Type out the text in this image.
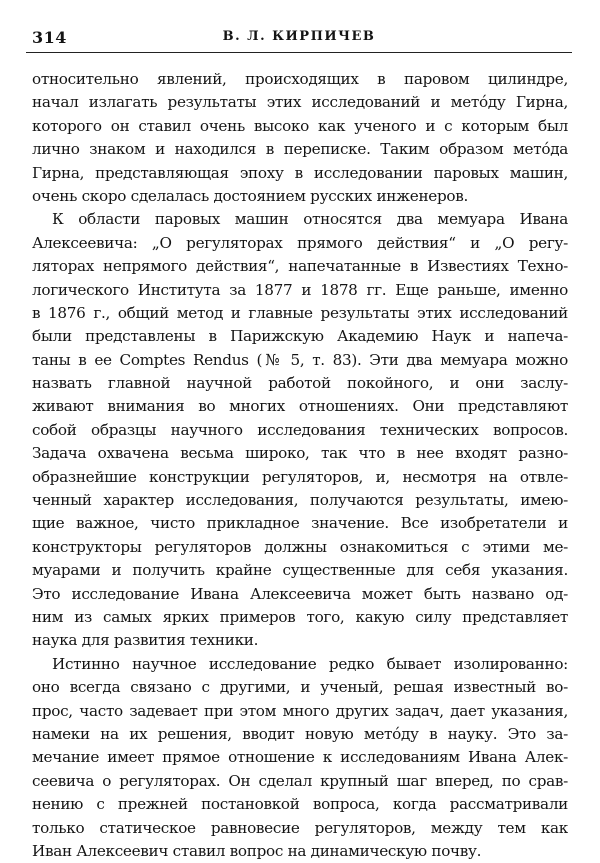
314	В. Л. КИРПИЧЕВ
относительно явлений, происходящих в паровом цилиндре,
начал излагать результаты этих исследований и метóду Гирна,
которого он ставил очень высоко как ученого и с которым был
лично знаком и находился в переписке. Таким образом метóда
Гирна, представляющая эпоху в исследовании паровых машин,
очень скоро сделалась достоянием русских инженеров.
К области паровых машин относятся два мемуара Ивана
Алексеевича: „О регуляторах прямого действия“ и „О регу-
ляторах непрямого действия“, напечатанные в Известиях Техно-
логического Института за 1877 и 1878 гг. Еще раньше, именно
в 1876 г., общий метод и главные результаты этих исследований
были представлены в Парижскую Академию Наук и напеча-
таны в ее Comptes Rendus (№ 5, т. 83). Эти два мемуара можно
назвать главной научной работой покойного, и они заслу-
живают внимания во многих отношениях. Они представляют
собой образцы научного исследования технических вопросов.
Задача охвачена весьма широко, так что в нее входят разно-
образнейшие конструкции регуляторов, и, несмотря на отвле-
ченный характер исследования, получаются результаты, имею-
щие важное, чисто прикладное значение. Все изобретатели и
конструкторы регуляторов должны ознакомиться с этими ме-
муарами и получить крайне существенные для себя указания.
Это исследование Ивана Алексеевича может быть названо од-
ним из самых ярких примеров того, какую силу представляет
наука для развития техники.
Истинно научное исследование редко бывает изолированно:
оно всегда связано с другими, и ученый, решая известный во-
прос, часто задевает при этом много других задач, дает указания,
намеки на их решения, вводит новую метóду в науку. Это за-
мечание имеет прямое отношение к исследованиям Ивана Алек-
сеевича о регуляторах. Он сделал крупный шаг вперед, по срав-
нению с прежней постановкой вопроса, когда рассматривали
только статическое равновесие регуляторов, между тем как
Иван Алексеевич ставил вопрос на динамическую почву.
